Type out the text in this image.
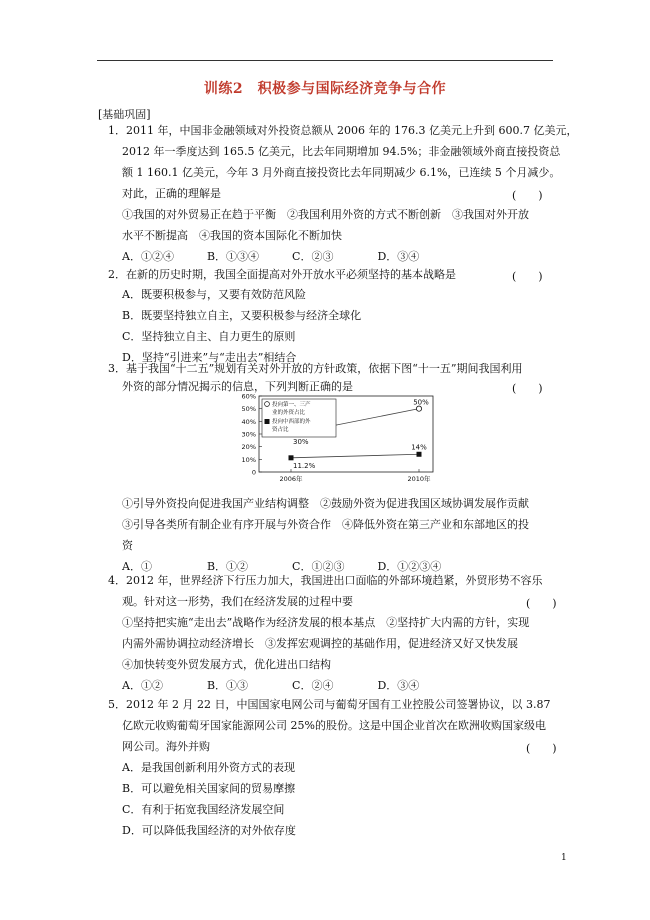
训练2　积极参与国际经济竞争与合作
[基础巩固]
1．2011 年，中国非金融领域对外投资总额从 2006 年的 176.3 亿美元上升到 600.7 亿美元，
2012 年一季度达到 165.5 亿美元，比去年同期增加 94.5%；非金融领域外商直接投资总
额 1 160.1 亿美元，今年 3 月外商直接投资比去年同期减少 6.1%，已连续 5 个月减少。
对此，正确的理解是	(　　)
①我国的对外贸易正在趋于平衡　②我国利用外资的方式不断创新　③我国对外开放
水平不断提高　④我国的资本国际化不断加快
A．①②④　　　B．①③④　　　C．②③　　　　D．③④
2．在新的历史时期，我国全面提高对外开放水平必须坚持的基本战略是	(　　)
A．既要积极参与，又要有效防范风险
B．既要坚持独立自主，又要积极参与经济全球化
C．坚持独立自主、自力更生的原则
D．坚持“引进来”与“走出去”相结合
3．基于我国“十二五”规划有关对外开放的方针政策，依据下图“十一五”期间我国利用
外资的部分情况揭示的信息，下列判断正确的是	(　　)
0
10%
20%
30%
40%
50%
60%
2006年	2010年
30%
50%
11.2%
14%
投向第一、三产
业的外资占比
投向中西部的外
资占比
①引导外资投向促进我国产业结构调整　②鼓励外资为促进我国区域协调发展作贡献
③引导各类所有制企业有序开展与外资合作　④降低外资在第三产业和东部地区的投
资
A．①　　　　　B．①②　　　　C．①②③　　　D．①②③④
4．2012 年，世界经济下行压力加大，我国进出口面临的外部环境趋紧，外贸形势不容乐
观。针对这一形势，我们在经济发展的过程中要	(　　)
①坚持把实施“走出去”战略作为经济发展的根本基点　②坚持扩大内需的方针，实现
内需外需协调拉动经济增长　③发挥宏观调控的基础作用，促进经济又好又快发展
④加快转变外贸发展方式，优化进出口结构
A．①②　　　　B．①③　　　　C．②④　　　　D．③④
5．2012 年 2 月 22 日，中国国家电网公司与葡萄牙国有工业控股公司签署协议，以 3.87
亿欧元收购葡萄牙国家能源网公司 25%的股份。这是中国企业首次在欧洲收购国家级电
网公司。海外并购	(　　)
A．是我国创新利用外资方式的表现
B．可以避免相关国家间的贸易摩擦
C．有利于拓宽我国经济发展空间
D．可以降低我国经济的对外依存度
1
